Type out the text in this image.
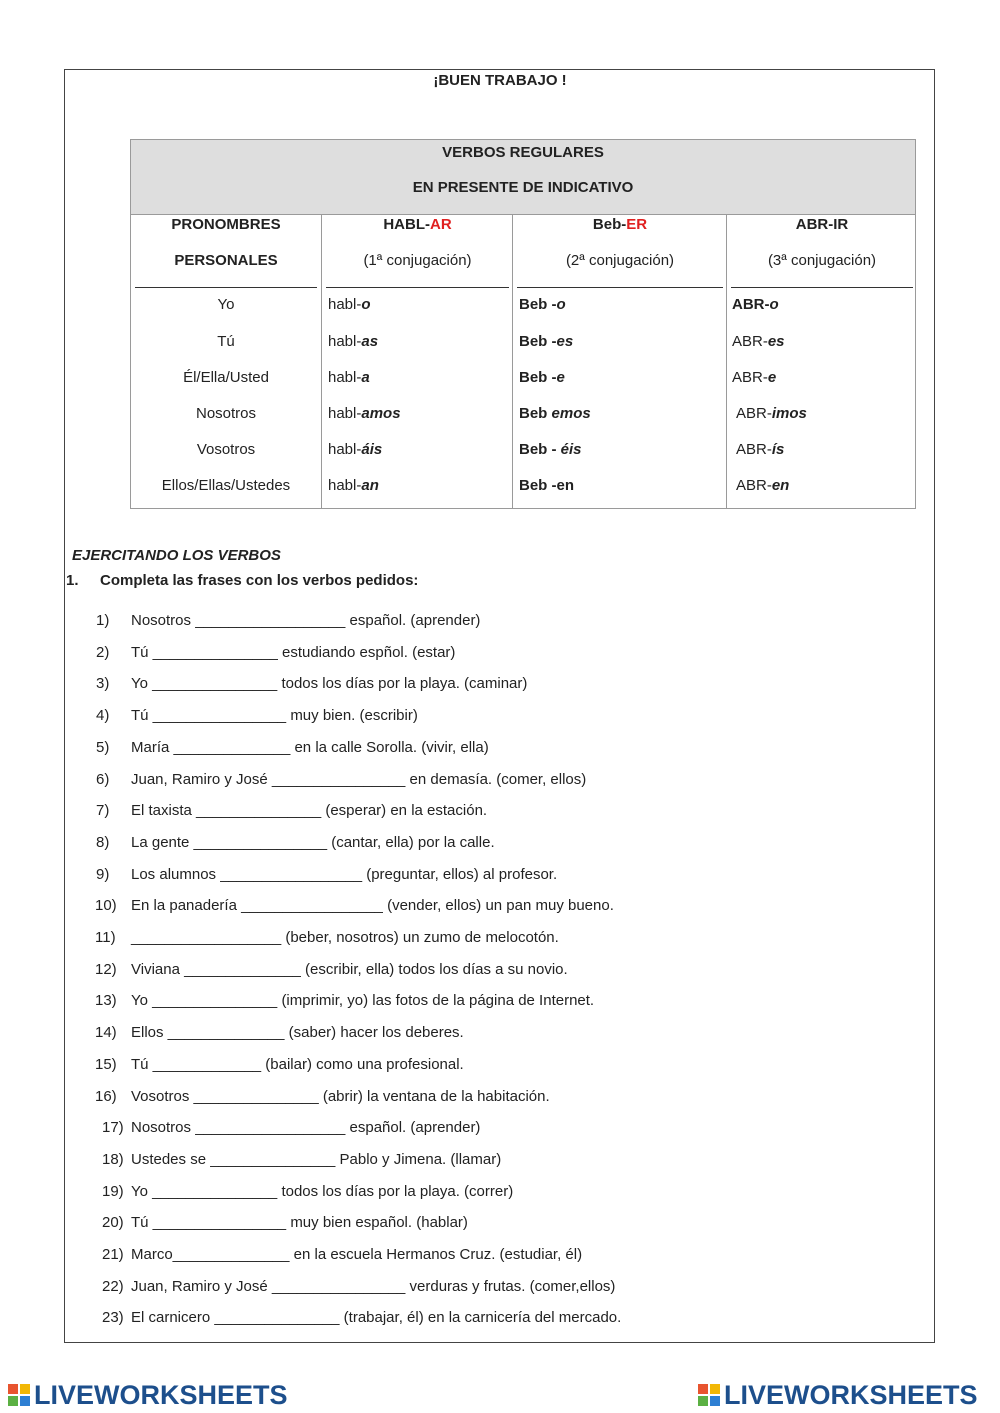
¡BUEN TRABAJO !
VERBOS REGULARES
EN PRESENTE DE INDICATIVO
PRONOMBRES
PERSONALES
Yo
Tú
Él/Ella/Usted
Nosotros
Vosotros
Ellos/Ellas/Ustedes
HABL-AR
(1ª conjugación)
habl-o
habl-as
habl-a
habl-amos
habl-áis
habl-an
Beb-ER
(2ª conjugación)
Beb -o
Beb -es
Beb -e
Beb emos
Beb - éis
Beb -en
ABR-IR
(3ª conjugación)
ABR-o
ABR-es
ABR-e
ABR-imos
ABR-ís
ABR-en
EJERCITANDO LOS VERBOS
1. Completa las frases con los verbos pedidos:
1) Nosotros __________________ español. (aprender)
2) Tú _______________ estudiando espñol. (estar)
3) Yo _______________ todos los días por la playa. (caminar)
4) Tú ________________ muy bien. (escribir)
5) María ______________ en la calle Sorolla. (vivir, ella)
6) Juan, Ramiro y José ________________ en demasía. (comer, ellos)
7) El taxista _______________ (esperar) en la estación.
8) La gente ________________ (cantar, ella) por la calle.
9) Los alumnos _________________ (preguntar, ellos) al profesor.
10) En la panadería _________________ (vender, ellos) un pan muy bueno.
11) __________________ (beber, nosotros) un zumo de melocotón.
12) Viviana ______________ (escribir, ella) todos los días a su novio.
13) Yo _______________ (imprimir, yo) las fotos de la página de Internet.
14) Ellos ______________ (saber) hacer los deberes.
15) Tú _____________ (bailar) como una profesional.
16) Vosotros _______________ (abrir) la ventana de la habitación.
17) Nosotros __________________ español. (aprender)
18) Ustedes se _______________ Pablo y Jimena. (llamar)
19) Yo _______________ todos los días por la playa. (correr)
20) Tú ________________ muy bien español. (hablar)
21) Marco______________ en la escuela Hermanos Cruz. (estudiar, él)
22) Juan, Ramiro y José ________________ verduras y frutas. (comer,ellos)
23) El carnicero _______________ (trabajar, él) en la carnicería del mercado.
LIVEWORKSHEETS	LIVEWORKSHEETS
